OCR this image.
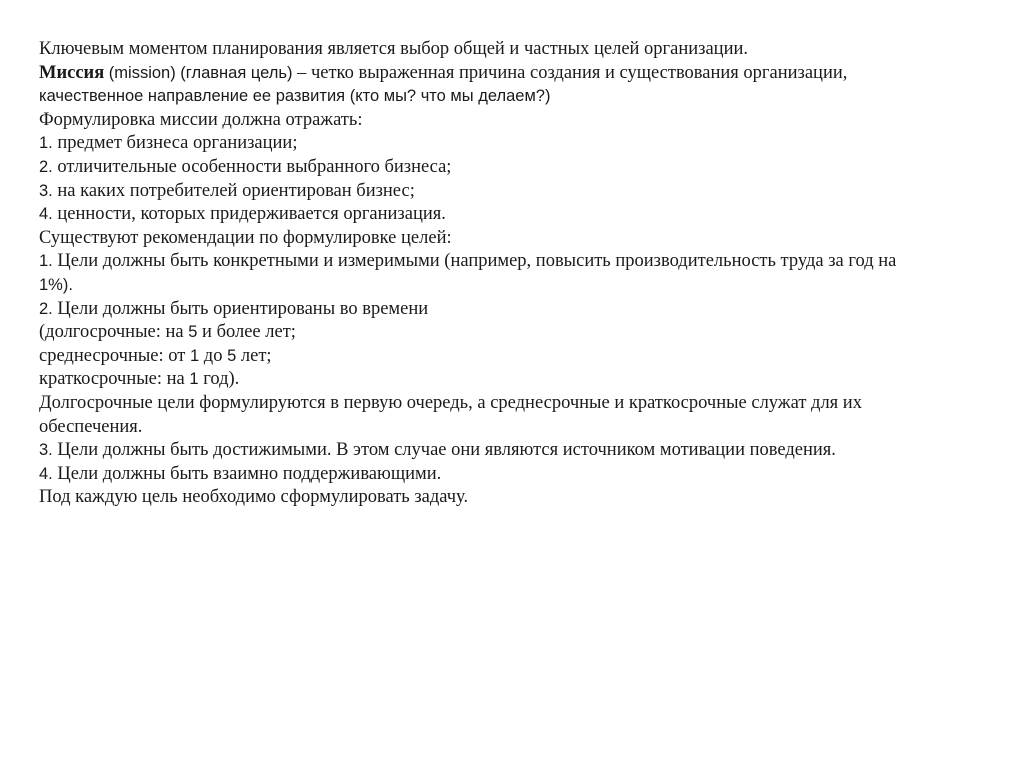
Ключевым моментом планирования является выбор общей и частных целей организации.
Миссия (mission) (главная цель) – четко выраженная причина создания и существования организации,
качественное направление ее развития (кто мы? что мы делаем?)
Формулировка миссии должна отражать:
1. предмет бизнеса организации;
2. отличительные особенности выбранного бизнеса;
3. на каких потребителей ориентирован бизнес;
4. ценности, которых придерживается организация.
Существуют рекомендации по формулировке целей:
1. Цели должны быть конкретными и измеримыми (например, повысить производительность труда за год на
1%).
2. Цели должны быть ориентированы во времени
(долгосрочные: на 5 и более лет;
среднесрочные: от 1 до 5 лет;
краткосрочные: на 1 год).
Долгосрочные цели формулируются в первую очередь, а среднесрочные и краткосрочные служат для их
обеспечения.
3. Цели должны быть достижимыми. В этом случае они являются источником мотивации поведения.
4. Цели должны быть взаимно поддерживающими.
Под каждую цель необходимо сформулировать задачу.
